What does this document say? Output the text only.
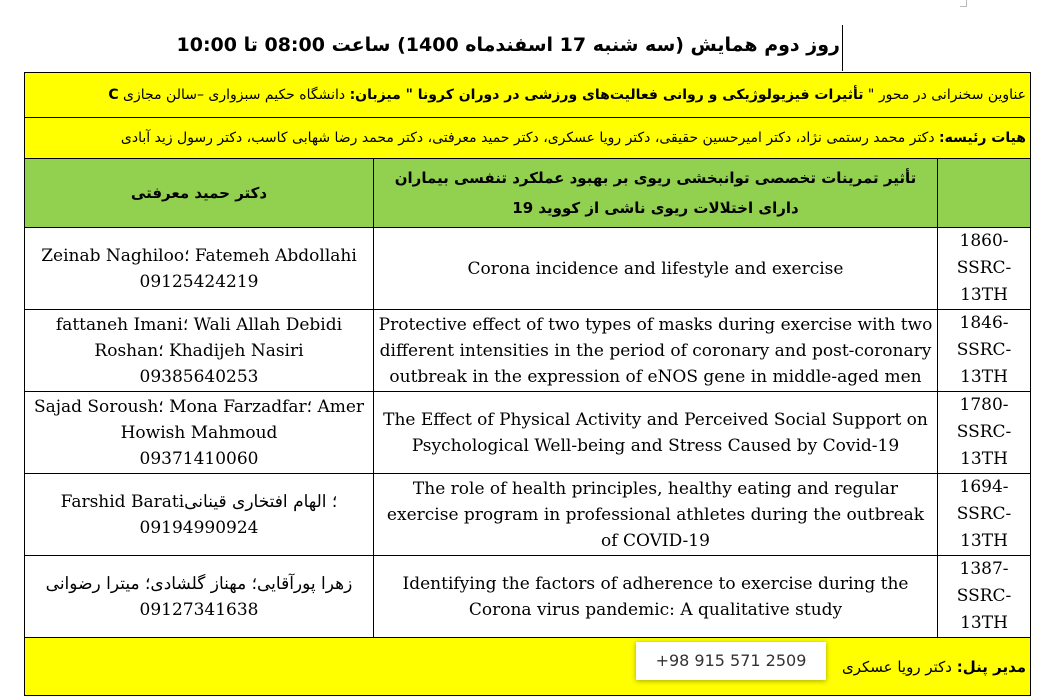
روز دوم همایش (سه شنبه 17 اسفندماه 1400) ساعت 08:00 تا 10:00
عناوین سخنرانی در محور " تأثیرات فیزیولوژیکی و روانی فعالیت‌های ورزشی در دوران کرونا " میزبان: دانشگاه حکیم سبزواری –سالن مجازی C		
هیات رئیسه: دکتر محمد رستمی نژاد، دکتر امیرحسین حقیقی، دکتر رویا عسکری، دکتر حمید معرفتی، دکتر محمد رضا شهابی کاسب، دکتر رسول زید آبادی		
دکتر حمید معرفتی	تأثیر تمرینات تخصصی توانبخشی ریوی بر بهبود عملکرد تنفسی بیماران دارای اختلالات ریوی ناشی از کووید 19	

Zeinab Naghiloo؛ Fatemeh Abdollahi
09125424219	Corona incidence and lifestyle and exercise	1860-SSRC-13TH

fattaneh Imani؛ Wali Allah Debidi Roshan؛ Khadijeh Nasiri
09385640253	Protective effect of two types of masks during exercise with two different intensities in the period of coronary and post-coronary outbreak in the expression of eNOS gene in middle-aged men	1846-SSRC-13TH

Sajad Soroush؛ Mona Farzadfar؛ Amer Howish Mahmoud
09371410060	The Effect of Physical Activity and Perceived Social Support on Psychological Well-being and Stress Caused by Covid-19	1780-SSRC-13TH

Farshid Barati؛ الهام افتخاری قینانی
09194990924	The role of health principles, healthy eating and regular exercise program in professional athletes during the outbreak of COVID-19	1694-SSRC-13TH

زهرا پورآقایی؛ مهناز گلشادی؛ میترا رضوانی
09127341638	Identifying the factors of adherence to exercise during the Corona virus pandemic: A qualitative study	1387-SSRC-13TH
مدیر پنل: دکتر رویا عسکری		
+98 915 571 2509
